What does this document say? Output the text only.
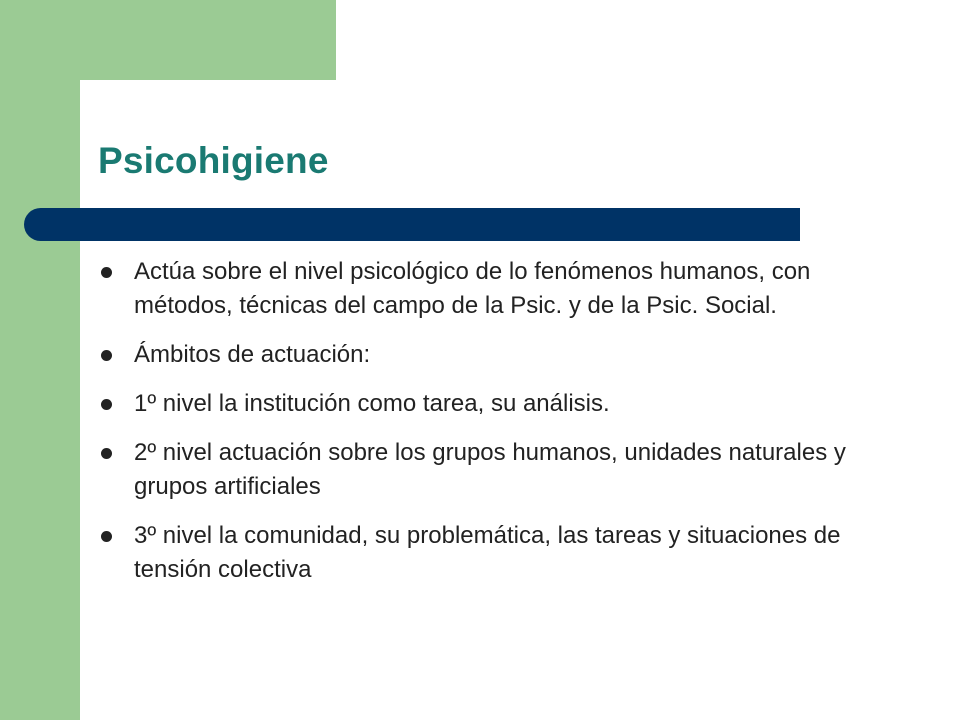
Psicohigiene
Actúa sobre el nivel psicológico de lo fenómenos humanos, con métodos, técnicas del campo de la Psic. y de la Psic. Social.
Ámbitos de actuación:
1º nivel la institución como tarea, su análisis.
2º nivel actuación sobre los grupos humanos, unidades naturales y grupos artificiales
3º nivel la comunidad, su problemática, las tareas y situaciones de tensión colectiva
